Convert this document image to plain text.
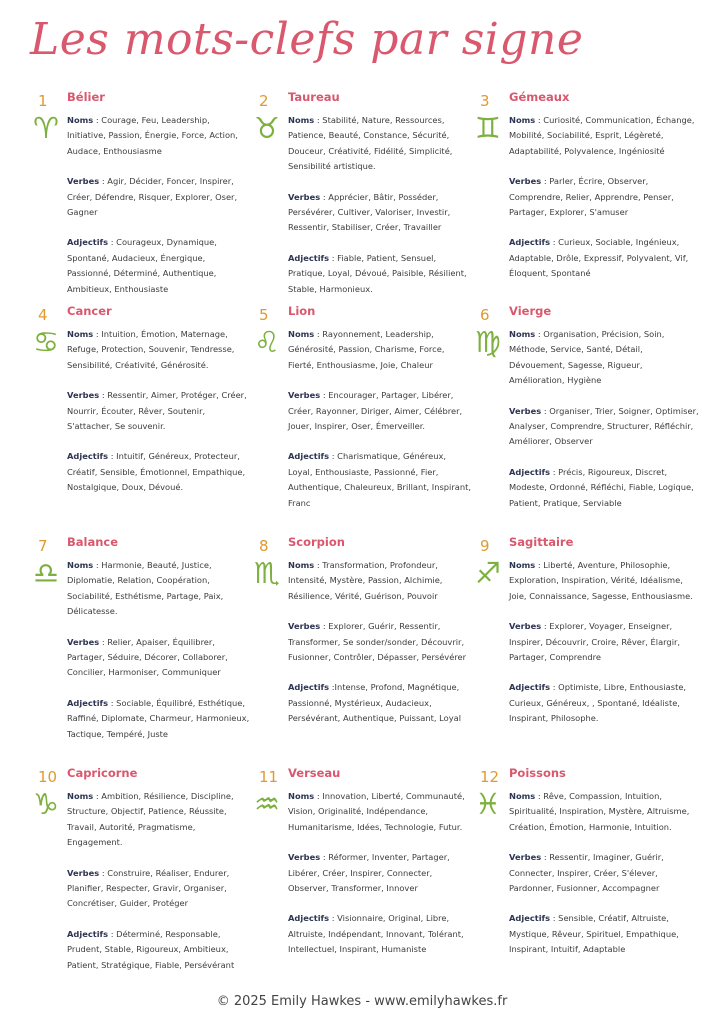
Les mots-clefs par signe
1
♈
Bélier
Noms : Courage, Feu, Leadership, Initiative, Passion, Énergie, Force, Action, Audace, Enthousiasme
Verbes : Agir, Décider, Foncer, Inspirer, Créer, Défendre, Risquer, Explorer, Oser, Gagner
Adjectifs : Courageux, Dynamique, Spontané, Audacieux, Énergique, Passionné, Déterminé, Authentique, Ambitieux, Enthousiaste
2
♉
Taureau
Noms : Stabilité, Nature, Ressources, Patience, Beauté, Constance, Sécurité, Douceur, Créativité, Fidélité, Simplicité, Sensibilité artistique.
Verbes : Apprécier, Bâtir, Posséder, Persévérer, Cultiver, Valoriser, Investir, Ressentir, Stabiliser, Créer, Travailler
Adjectifs : Fiable, Patient, Sensuel, Pratique, Loyal, Dévoué, Paisible, Résilient, Stable, Harmonieux.
3
♊
Gémeaux
Noms : Curiosité, Communication, Échange, Mobilité, Sociabilité, Esprit, Légèreté, Adaptabilité, Polyvalence, Ingéniosité
Verbes : Parler, Écrire, Observer, Comprendre, Relier, Apprendre, Penser, Partager, Explorer, S'amuser
Adjectifs : Curieux, Sociable, Ingénieux, Adaptable, Drôle, Expressif, Polyvalent, Vif, Éloquent, Spontané
4
♋
Cancer
Noms : Intuition, Émotion, Maternage, Refuge, Protection, Souvenir, Tendresse, Sensibilité, Créativité, Générosité.
Verbes : Ressentir, Aimer, Protéger, Créer, Nourrir, Écouter, Rêver, Soutenir, S'attacher, Se souvenir.
Adjectifs : Intuitif, Généreux, Protecteur, Créatif, Sensible, Émotionnel, Empathique, Nostalgique, Doux, Dévoué.
5
♌
Lion
Noms : Rayonnement, Leadership, Générosité, Passion, Charisme, Force, Fierté, Enthousiasme, Joie, Chaleur
Verbes : Encourager, Partager, Libérer, Créer, Rayonner, Diriger, Aimer, Célébrer, Jouer, Inspirer, Oser, Émerveiller.
Adjectifs : Charismatique, Généreux, Loyal, Enthousiaste, Passionné, Fier, Authentique, Chaleureux, Brillant, Inspirant, Franc
6
♍
Vierge
Noms : Organisation, Précision, Soin, Méthode, Service, Santé, Détail, Dévouement, Sagesse, Rigueur, Amélioration, Hygiène
Verbes : Organiser, Trier, Soigner, Optimiser, Analyser, Comprendre, Structurer, Réfléchir, Améliorer, Observer
Adjectifs : Précis, Rigoureux, Discret, Modeste, Ordonné, Réfléchi, Fiable, Logique, Patient, Pratique, Serviable
7
♎
Balance
Noms : Harmonie, Beauté, Justice, Diplomatie, Relation, Coopération, Sociabilité, Esthétisme, Partage, Paix, Délicatesse.
Verbes : Relier, Apaiser, Équilibrer, Partager, Séduire, Décorer, Collaborer, Concilier, Harmoniser, Communiquer
Adjectifs : Sociable, Équilibré, Esthétique, Raffiné, Diplomate, Charmeur, Harmonieux, Tactique, Tempéré, Juste
8
♏
Scorpion
Noms : Transformation, Profondeur, Intensité, Mystère, Passion, Alchimie, Résilience, Vérité, Guérison, Pouvoir
Verbes : Explorer, Guérir, Ressentir, Transformer, Se sonder/sonder, Découvrir, Fusionner, Contrôler, Dépasser, Persévérer
Adjectifs :Intense, Profond, Magnétique, Passionné, Mystérieux, Audacieux, Persévérant, Authentique, Puissant, Loyal
9
♐
Sagittaire
Noms : Liberté, Aventure, Philosophie, Exploration, Inspiration, Vérité, Idéalisme, Joie, Connaissance, Sagesse, Enthousiasme.
Verbes : Explorer, Voyager, Enseigner, Inspirer, Découvrir, Croire, Rêver, Élargir, Partager, Comprendre
Adjectifs : Optimiste, Libre, Enthousiaste, Curieux, Généreux, , Spontané, Idéaliste, Inspirant, Philosophe.
10
♑
Capricorne
Noms : Ambition, Résilience, Discipline, Structure, Objectif, Patience, Réussite, Travail, Autorité, Pragmatisme, Engagement.
Verbes : Construire, Réaliser, Endurer, Planifier, Respecter, Gravir, Organiser, Concrétiser, Guider, Protéger
Adjectifs : Déterminé, Responsable, Prudent, Stable, Rigoureux, Ambitieux, Patient, Stratégique, Fiable, Persévérant
11
♒
Verseau
Noms : Innovation, Liberté, Communauté, Vision, Originalité, Indépendance, Humanitarisme, Idées, Technologie, Futur.
Verbes : Réformer, Inventer, Partager, Libérer, Créer, Inspirer, Connecter, Observer, Transformer, Innover
Adjectifs : Visionnaire, Original, Libre, Altruiste, Indépendant, Innovant, Tolérant, Intellectuel, Inspirant, Humaniste
12
♓
Poissons
Noms : Rêve, Compassion, Intuition, Spiritualité, Inspiration, Mystère, Altruisme, Création, Émotion, Harmonie, Intuition.
Verbes : Ressentir, Imaginer, Guérir, Connecter, Inspirer, Créer, S'élever, Pardonner, Fusionner, Accompagner
Adjectifs : Sensible, Créatif, Altruiste, Mystique, Rêveur, Spirituel, Empathique, Inspirant, Intuitif, Adaptable
© 2025 Emily Hawkes - www.emilyhawkes.fr
